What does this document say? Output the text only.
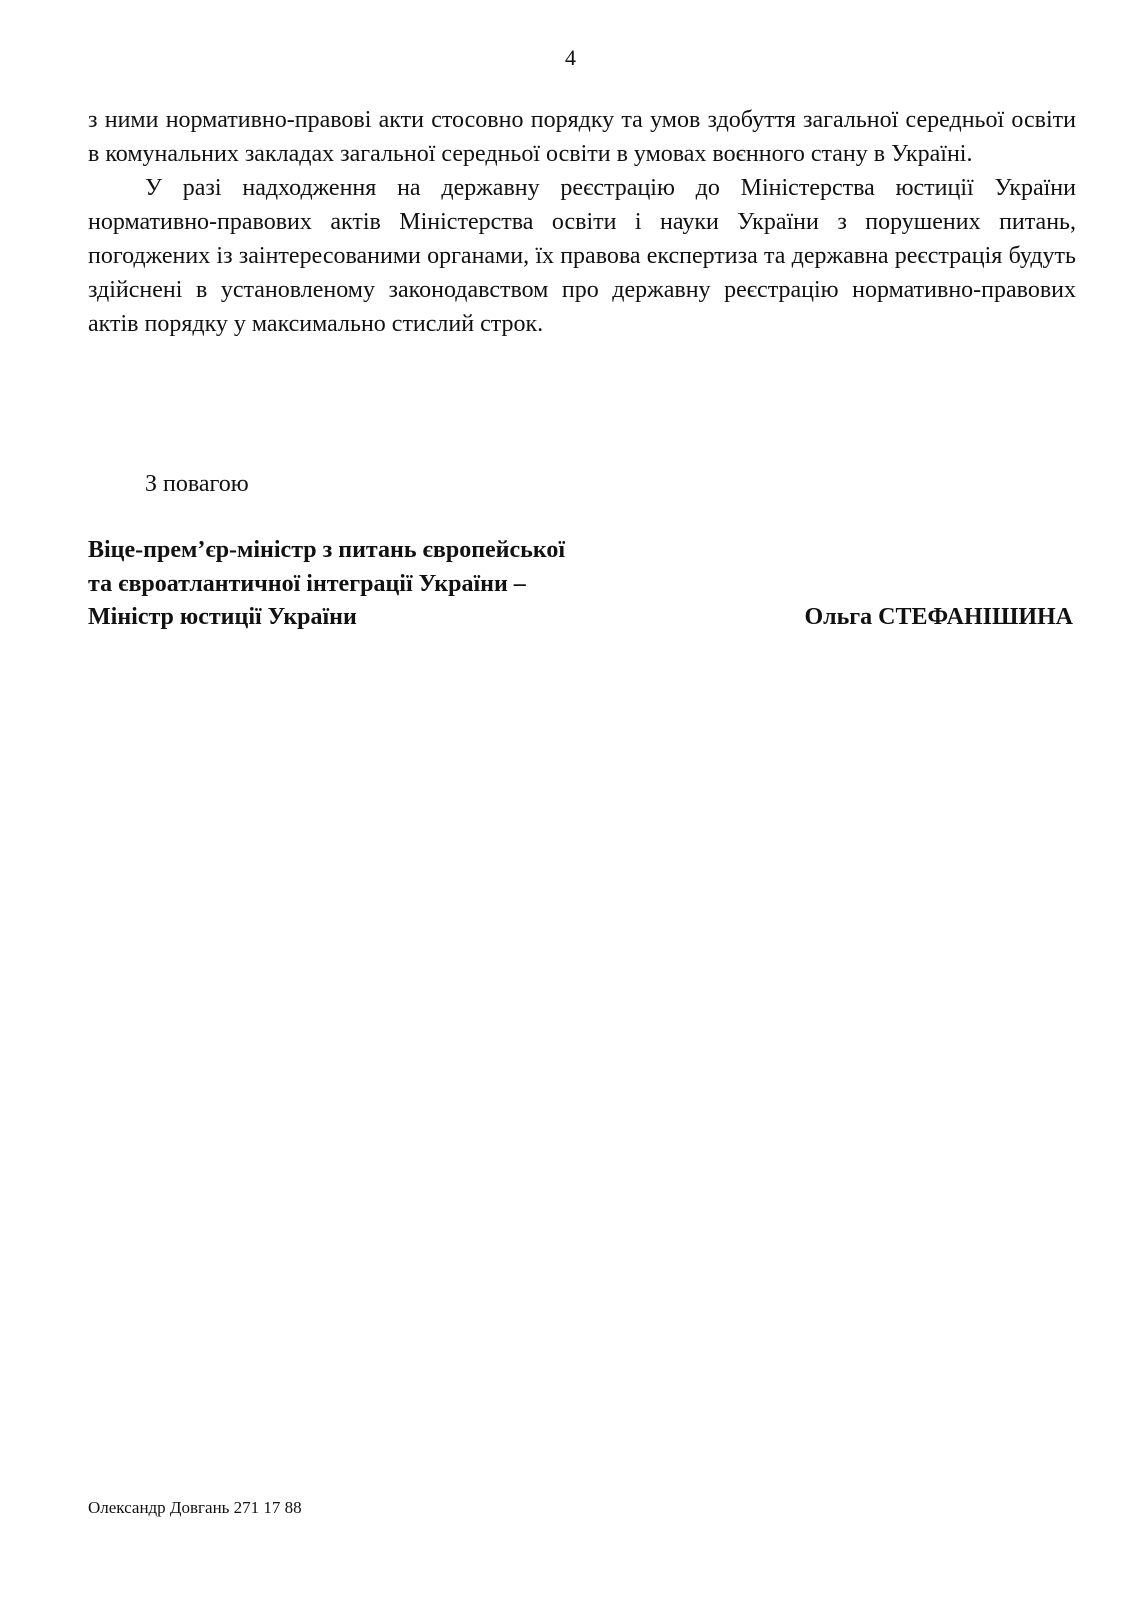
4

з ними нормативно-правові акти стосовно порядку та умов здобуття загальної середньої освіти в комунальних закладах загальної середньої освіти в умовах воєнного стану в Україні.

У разі надходження на державну реєстрацію до Міністерства юстиції України нормативно-правових актів Міністерства освіти і науки України з порушених питань, погоджених із заінтересованими органами, їх правова експертиза та державна реєстрація будуть здійснені в установленому законодавством про державну реєстрацію нормативно-правових актів порядку у максимально стислий строк.

З повагою
Віце-прем’єр-міністр з питань європейської
та євроатлантичної інтеграції України –
Міністр юстиції України	Ольга СТЕФАНІШИНА
Олександр Довгань 271 17 88
